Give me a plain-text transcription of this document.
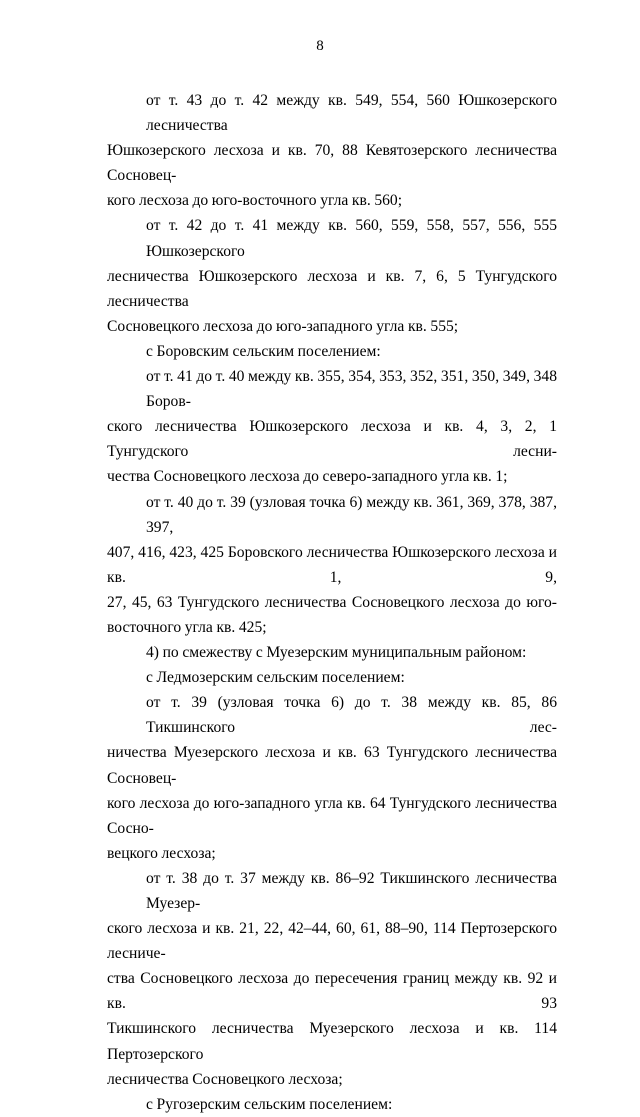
8
от т. 43 до т. 42 между кв. 549, 554, 560 Юшкозерского лесничества
Юшкозерского лесхоза и кв. 70, 88 Кевятозерского лесничества Сосновец-
кого лесхоза до юго-восточного угла кв. 560;
от т. 42 до т. 41 между кв. 560, 559, 558, 557, 556, 555 Юшкозерского
лесничества Юшкозерского лесхоза и кв. 7, 6, 5 Тунгудского лесничества
Сосновецкого лесхоза до юго-западного угла кв. 555;
с Боровским сельским поселением:
от т. 41 до т. 40 между кв. 355, 354, 353, 352, 351, 350, 349, 348 Боров-
ского лесничества Юшкозерского лесхоза и кв. 4, 3, 2, 1 Тунгудского лесни-
чества Сосновецкого лесхоза до северо-западного угла кв. 1;
от т. 40 до т. 39 (узловая точка 6) между кв. 361, 369, 378, 387, 397,
407, 416, 423, 425 Боровского лесничества Юшкозерского лесхоза и кв. 1, 9,
27, 45, 63 Тунгудского лесничества Сосновецкого лесхоза до юго-
восточного угла кв. 425;
4) по смежеству с Муезерским муниципальным районом:
с Ледмозерским сельским поселением:
от т. 39 (узловая точка 6) до т. 38 между кв. 85, 86 Тикшинского лес-
ничества Муезерского лесхоза и кв. 63 Тунгудского лесничества Сосновец-
кого лесхоза до юго-западного угла кв. 64 Тунгудского лесничества Сосно-
вецкого лесхоза;
от т. 38 до т. 37 между кв. 86–92 Тикшинского лесничества Муезер-
ского лесхоза и кв. 21, 22, 42–44, 60, 61, 88–90, 114 Пертозерского лесниче-
ства Сосновецкого лесхоза до пересечения границ между кв. 92 и кв. 93
Тикшинского лесничества Муезерского лесхоза и кв. 114 Пертозерского
лесничества Сосновецкого лесхоза;
с Ругозерским сельским поселением:
